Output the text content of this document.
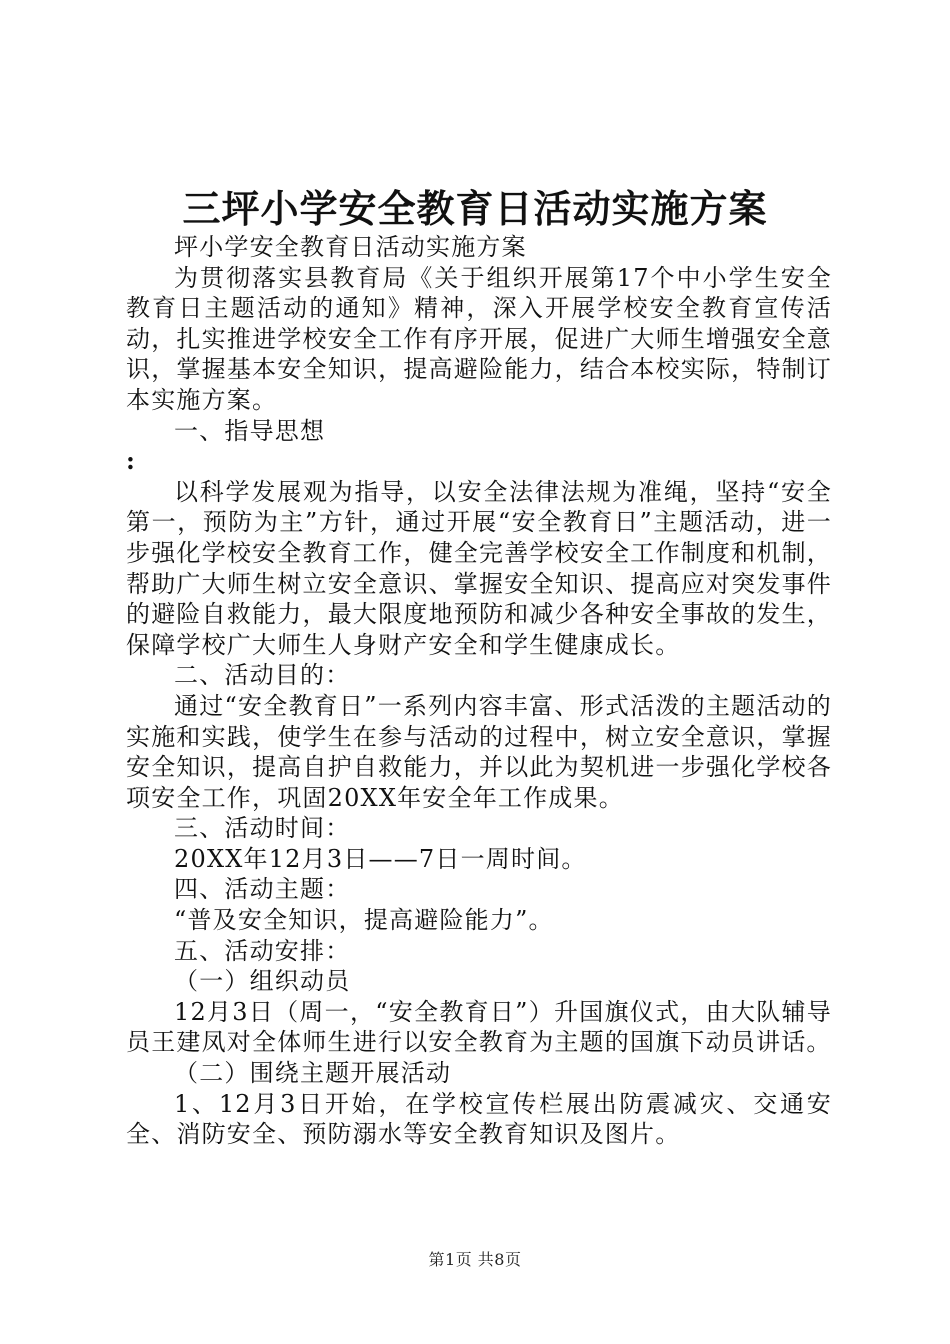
三坪小学安全教育日活动实施方案

坪小学安全教育日活动实施方案

为贯彻落实县教育局《关于组织开展第17个中小学生安全教育日主题活动的通知》精神，深入开展学校安全教育宣传活动，扎实推进学校安全工作有序开展，促进广大师生增强安全意识，掌握基本安全知识，提高避险能力，结合本校实际，特制订本实施方案。

一、指导思想

:

以科学发展观为指导，以安全法律法规为准绳，坚持“安全第一，预防为主”方针，通过开展“安全教育日”主题活动，进一步强化学校安全教育工作，健全完善学校安全工作制度和机制，帮助广大师生树立安全意识、掌握安全知识、提高应对突发事件的避险自救能力，最大限度地预防和减少各种安全事故的发生，保障学校广大师生人身财产安全和学生健康成长。

二、活动目的：

通过“安全教育日”一系列内容丰富、形式活泼的主题活动的实施和实践，使学生在参与活动的过程中，树立安全意识，掌握安全知识，提高自护自救能力，并以此为契机进一步强化学校各项安全工作，巩固20XX年安全年工作成果。

三、活动时间：

20XX年12月3日——7日一周时间。

四、活动主题：

“普及安全知识，提高避险能力”。

五、活动安排：

（一）组织动员

12月3日（周一，“安全教育日”）升国旗仪式，由大队辅导员王建凤对全体师生进行以安全教育为主题的国旗下动员讲话。

（二）围绕主题开展活动

1、12月3日开始，在学校宣传栏展出防震减灾、交通安全、消防安全、预防溺水等安全教育知识及图片。

第1页 共8页
